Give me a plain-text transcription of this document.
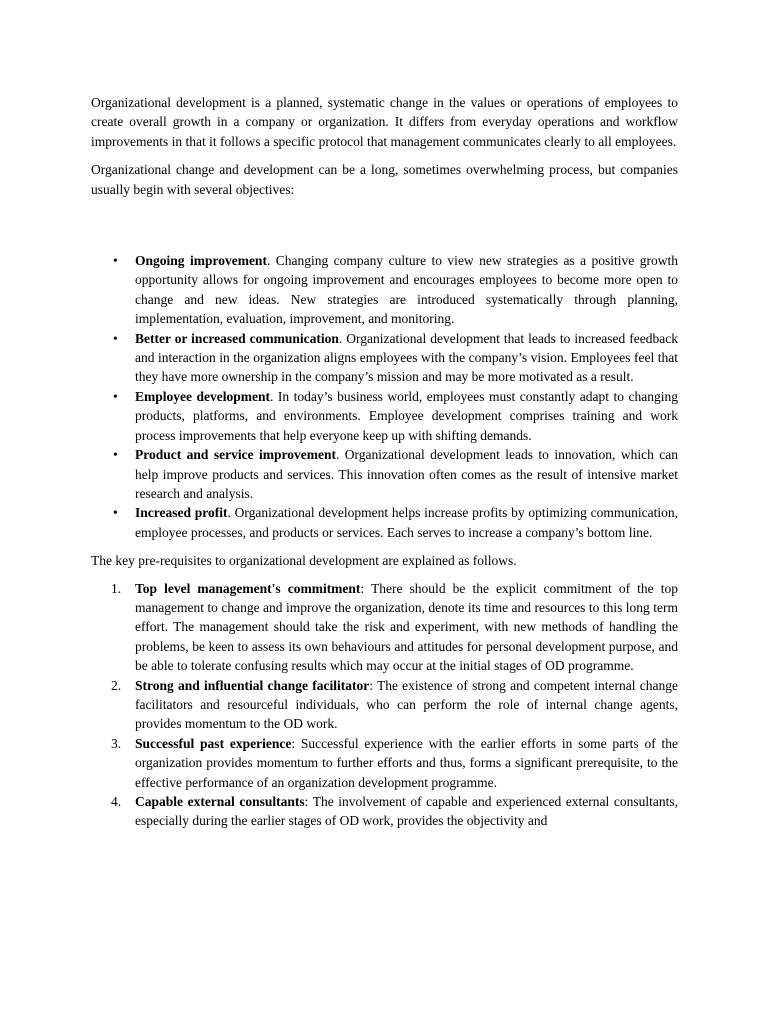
Organizational development is a planned, systematic change in the values or operations of employees to create overall growth in a company or organization. It differs from everyday operations and workflow improvements in that it follows a specific protocol that management communicates clearly to all employees.

Organizational change and development can be a long, sometimes overwhelming process, but companies usually begin with several objectives:

• Ongoing improvement. Changing company culture to view new strategies as a positive growth opportunity allows for ongoing improvement and encourages employees to become more open to change and new ideas. New strategies are introduced systematically through planning, implementation, evaluation, improvement, and monitoring.
• Better or increased communication. Organizational development that leads to increased feedback and interaction in the organization aligns employees with the company’s vision. Employees feel that they have more ownership in the company’s mission and may be more motivated as a result.
• Employee development. In today’s business world, employees must constantly adapt to changing products, platforms, and environments. Employee development comprises training and work process improvements that help everyone keep up with shifting demands.
• Product and service improvement. Organizational development leads to innovation, which can help improve products and services. This innovation often comes as the result of intensive market research and analysis.
• Increased profit. Organizational development helps increase profits by optimizing communication, employee processes, and products or services. Each serves to increase a company’s bottom line.

The key pre-requisites to organizational development are explained as follows.

1. Top level management's commitment: There should be the explicit commitment of the top management to change and improve the organization, denote its time and resources to this long term effort. The management should take the risk and experiment, with new methods of handling the problems, be keen to assess its own behaviours and attitudes for personal development purpose, and be able to tolerate confusing results which may occur at the initial stages of OD programme.
2. Strong and influential change facilitator: The existence of strong and competent internal change facilitators and resourceful individuals, who can perform the role of internal change agents, provides momentum to the OD work.
3. Successful past experience: Successful experience with the earlier efforts in some parts of the organization provides momentum to further efforts and thus, forms a significant prerequisite, to the effective performance of an organization development programme.
4. Capable external consultants: The involvement of capable and experienced external consultants, especially during the earlier stages of OD work, provides the objectivity and
